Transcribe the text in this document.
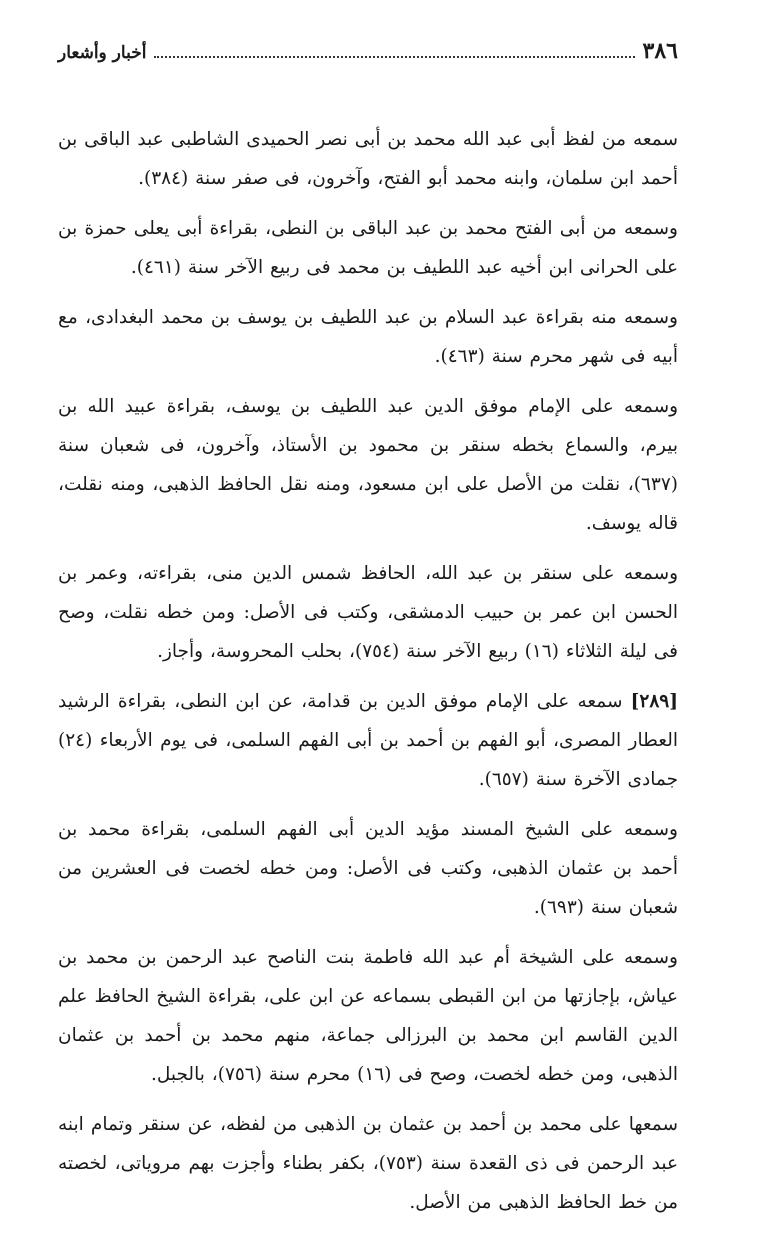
٣٨٦
أخبار وأشعار

سمعه من لفظ أبى عبد الله محمد بن أبى نصر الحميدى الشاطبى عبد الباقى بن أحمد ابن سلمان، وابنه محمد أبو الفتح، وآخرون، فى صفر سنة (٣٨٤).

وسمعه من أبى الفتح محمد بن عبد الباقى بن النطى، بقراءة أبى يعلى حمزة بن على الحرانى ابن أخيه عبد اللطيف بن محمد فى ربيع الآخر سنة (٤٦١).

وسمعه منه بقراءة عبد السلام بن عبد اللطيف بن يوسف بن محمد البغدادى، مع أبيه فى شهر محرم سنة (٤٦٣).

وسمعه على الإمام موفق الدين عبد اللطيف بن يوسف، بقراءة عبيد الله بن بيرم، والسماع بخطه سنقر بن محمود بن الأستاذ، وآخرون، فى شعبان سنة (٦٣٧)، نقلت من الأصل على ابن مسعود، ومنه نقل الحافظ الذهبى، ومنه نقلت، قاله يوسف.

وسمعه على سنقر بن عبد الله، الحافظ شمس الدين منى، بقراءته، وعمر بن الحسن ابن عمر بن حبيب الدمشقى، وكتب فى الأصل: ومن خطه نقلت، وصح فى ليلة الثلاثاء (١٦) ربيع الآخر سنة (٧٥٤)، بحلب المحروسة، وأجاز.

[٢٨٩] سمعه على الإمام موفق الدين بن قدامة، عن ابن النطى، بقراءة الرشيد العطار المصرى، أبو الفهم بن أحمد بن أبى الفهم السلمى، فى يوم الأربعاء (٢٤) جمادى الآخرة سنة (٦٥٧).

وسمعه على الشيخ المسند مؤيد الدين أبى الفهم السلمى، بقراءة محمد بن أحمد بن عثمان الذهبى، وكتب فى الأصل: ومن خطه لخصت فى العشرين من شعبان سنة (٦٩٣).

وسمعه على الشيخة أم عبد الله فاطمة بنت الناصح عبد الرحمن بن محمد بن عياش، بإجازتها من ابن القبطى بسماعه عن ابن على، بقراءة الشيخ الحافظ علم الدين القاسم ابن محمد بن البرزالى جماعة، منهم محمد بن أحمد بن عثمان الذهبى، ومن خطه لخصت، وصح فى (١٦) محرم سنة (٧٥٦)، بالجبل.

سمعها على محمد بن أحمد بن عثمان بن الذهبى من لفظه، عن سنقر وتمام ابنه عبد الرحمن فى ذى القعدة سنة (٧٥٣)، بكفر بطناء وأجزت بهم مروياتى، لخصته من خط الحافظ الذهبى من الأصل.
